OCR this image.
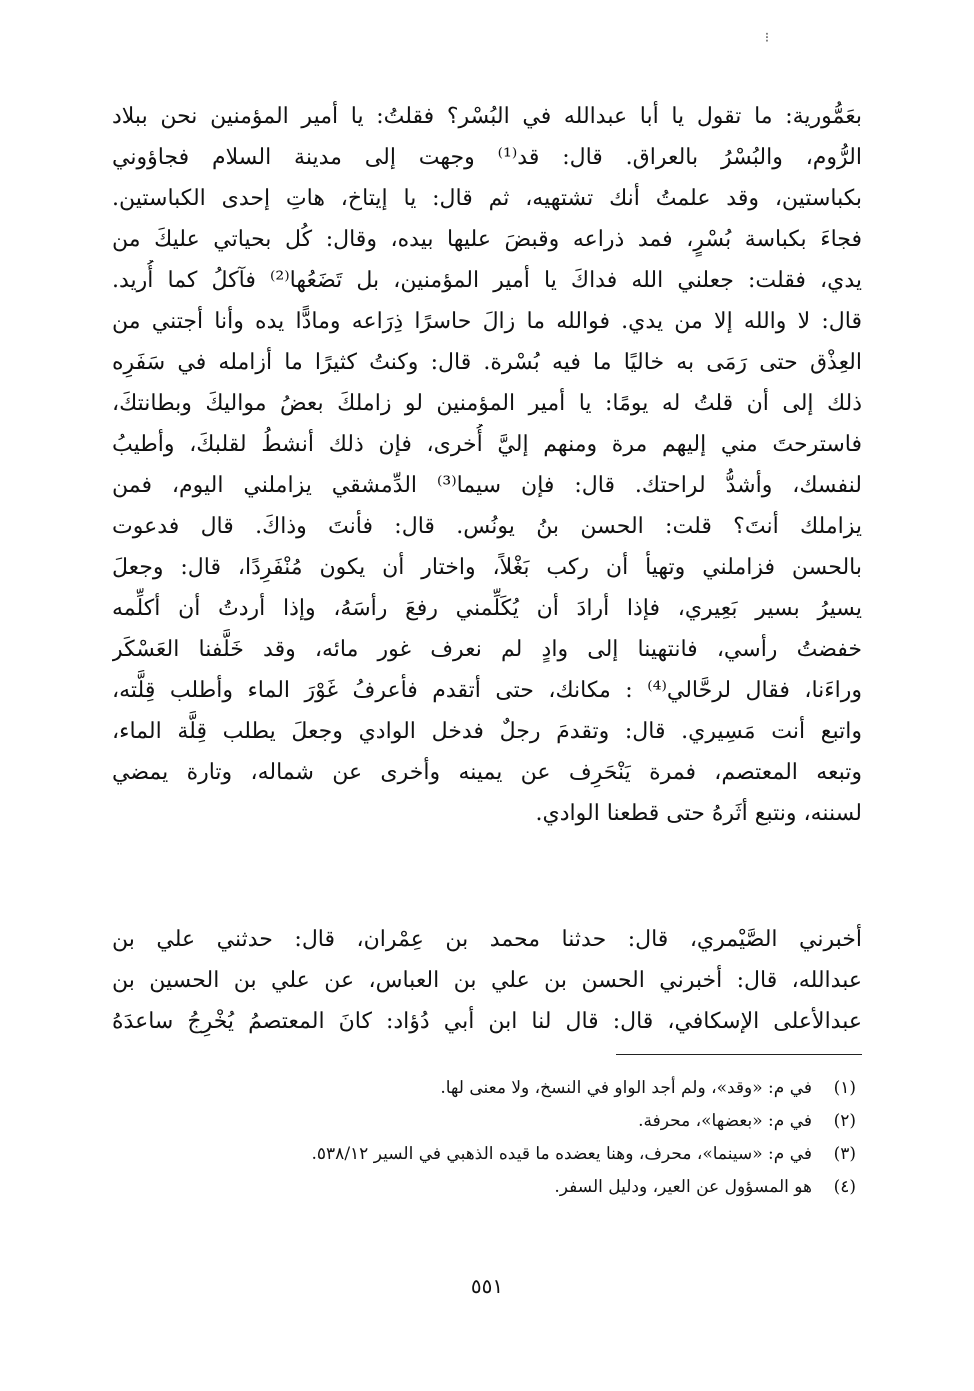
⁝
بعَمُّورية: ما تقول يا أبا عبدالله في البُسْر؟ فقلتُ: يا أمير المؤمنين نحن ببلاد
الرُّوم، والبُسْرُ بالعراق. قال: قد⁽¹⁾ وجهت إلى مدينة السلام فجاؤوني
بكباستين، وقد علمتُ أنك تشتهيه، ثم قال: يا إيتاخ، هاتِ إحدى الكباستين.
فجاءَ بكباسة بُسْرٍ، فمد ذراعه وقبضَ عليها بيده، وقال: كُل بحياتي عليكَ من
يدي، فقلت: جعلني الله فداكَ يا أمير المؤمنين، بل تَضَعُها⁽²⁾ فآكلُ كما أُريد.
قال: لا والله إلا من يدي. فوالله ما زالَ حاسرًا ذِرَاعه ومادًّا يده وأنا أجتني من
العِذْق حتى رَمَى به خاليًا ما فيه بُسْرة. قال: وكنتُ كثيرًا ما أزامله في سَفَرِه
ذلك إلى أن قلتُ له يومًا: يا أمير المؤمنين لو زاملكَ بعضُ مواليكَ وبطانتكَ،
فاسترحتَ مني إليهم مرة ومنهم إليَّ أُخرى، فإن ذلك أنشطُ لقلبكَ، وأطيبُ
لنفسك، وأشدُّ لراحتك. قال: فإن سيما⁽³⁾ الدِّمشقي يزاملني اليوم، فمن
يزاملك أنتَ؟ قلت: الحسن بنُ يونُس. قال: فأنتَ وذاكَ. قال فدعوت
بالحسن فزاملني وتهيأ أن ركب بَغْلاً، واختار أن يكون مُنْفَرِدًا، قال: وجعلَ
يسيرُ بسير بَعِيري، فإذا أرادَ أن يُكَلِّمني رفعَ رأسَهُ، وإذا أردتُ أن أكلِّمه
خفضتُ رأسي، فانتهينا إلى وادٍ لم نعرف غور مائه، وقد خَلَّفنا العَسْكَر
وراءَنا، فقال لرحَّالي⁽⁴⁾ : مكانك، حتى أتقدم فأعرفُ غَوْرَ الماء وأطلب قِلَّته،
واتبع أنت مَسِيري. قال: وتقدمَ رجلٌ فدخل الوادي وجعلَ يطلب قِلَّة الماء،
وتبعه المعتصم، فمرة يَنْحَرِف عن يمينه وأخرى عن شماله، وتارة يمضي
لسننه، ونتبع أثَرهُ حتى قطعنا الوادي.
أخبرني الصَّيْمري، قال: حدثنا محمد بن عِمْران، قال: حدثني علي بن
عبدالله، قال: أخبرني الحسن بن علي بن العباس، عن علي بن الحسين بن
عبدالأعلى الإسكافي، قال: قال لنا ابن أبي دُؤاد: كانَ المعتصمُ يُخْرِجُ ساعدَهُ
(١)
في م: «وقد»، ولم أجد الواو في النسخ، ولا معنى لها.
(٢)
في م: «بعضها»، محرفة.
(٣)
في م: «سينما»، محرف، وهنا يعضده ما قيده الذهبي في السير ٥٣٨/١٢.
(٤)
هو المسؤول عن العير، ودليل السفر.
٥٥١
